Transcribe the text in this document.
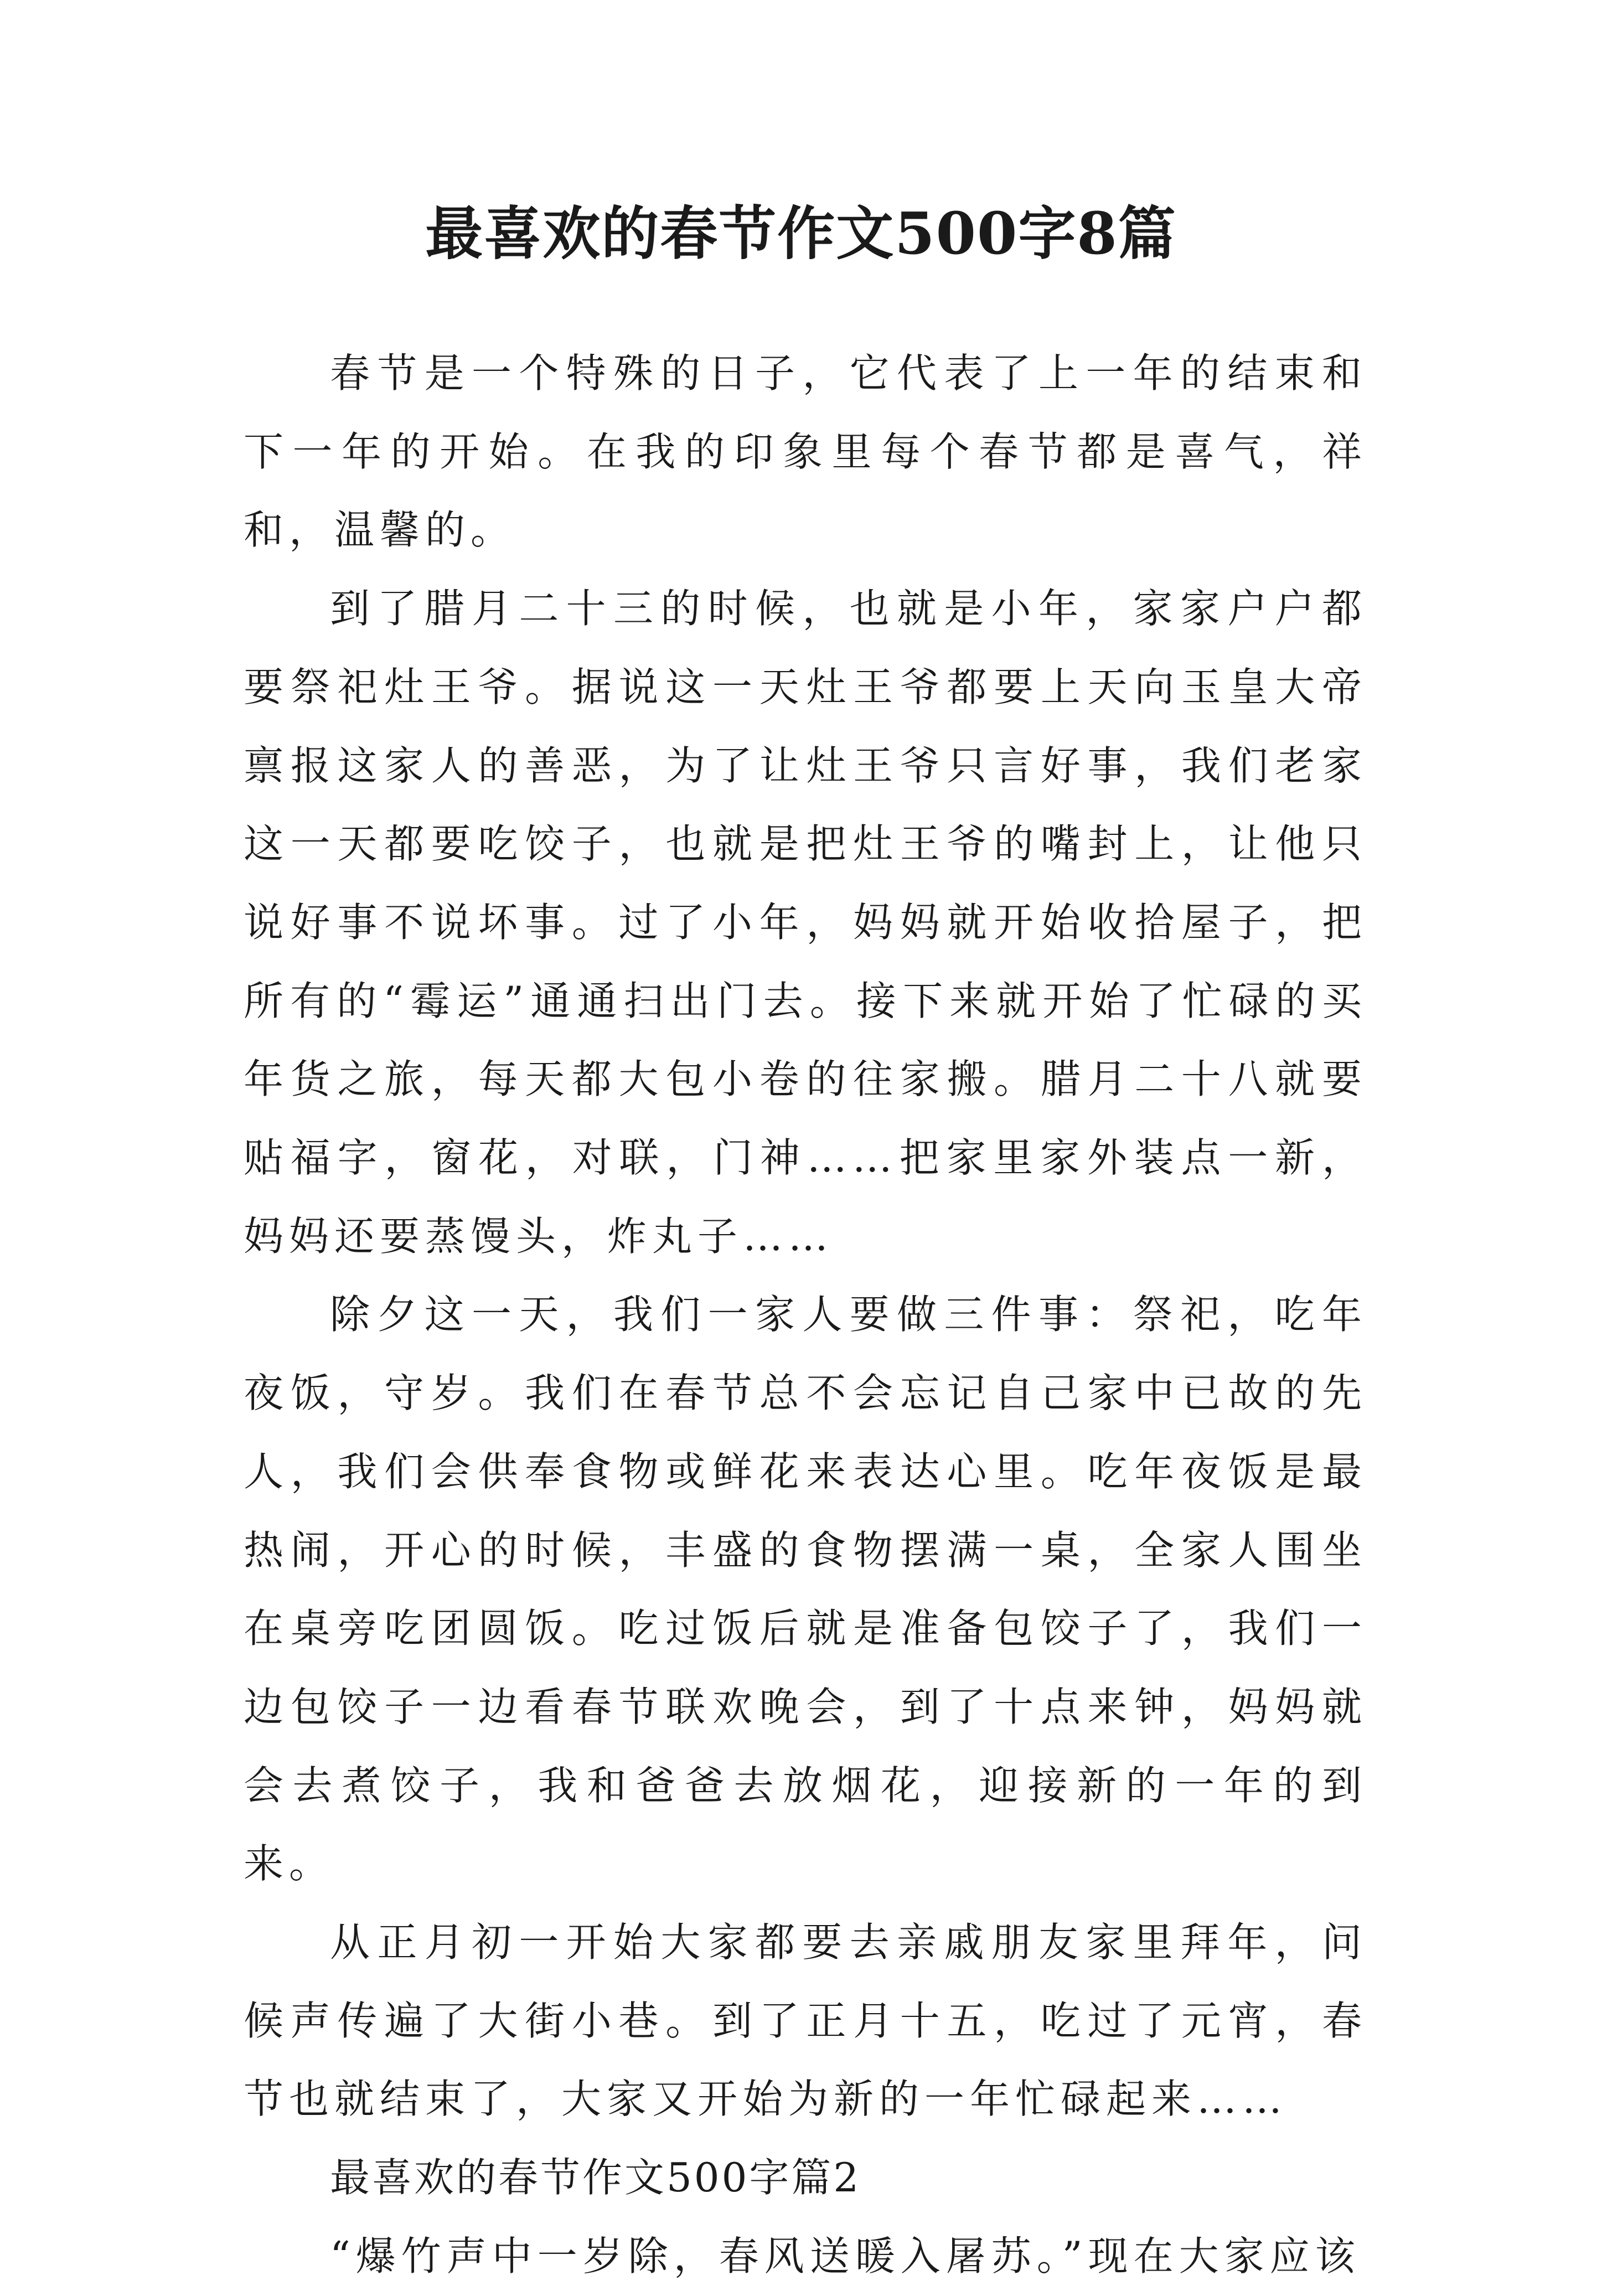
最喜欢的春节作文500字8篇

春节是一个特殊的日子，它代表了上一年的结束和下一年的开始。在我的印象里每个春节都是喜气，祥和，温馨的。

到了腊月二十三的时候，也就是小年，家家户户都要祭祀灶王爷。据说这一天灶王爷都要上天向玉皇大帝禀报这家人的善恶，为了让灶王爷只言好事，我们老家这一天都要吃饺子，也就是把灶王爷的嘴封上，让他只说好事不说坏事。过了小年，妈妈就开始收拾屋子，把所有的“霉运”通通扫出门去。接下来就开始了忙碌的买年货之旅，每天都大包小卷的往家搬。腊月二十八就要贴福字，窗花，对联，门神……把家里家外装点一新，妈妈还要蒸馒头，炸丸子……

除夕这一天，我们一家人要做三件事：祭祀，吃年夜饭，守岁。我们在春节总不会忘记自己家中已故的先人，我们会供奉食物或鲜花来表达心里。吃年夜饭是最热闹，开心的时候，丰盛的食物摆满一桌，全家人围坐在桌旁吃团圆饭。吃过饭后就是准备包饺子了，我们一边包饺子一边看春节联欢晚会，到了十点来钟，妈妈就会去煮饺子，我和爸爸去放烟花，迎接新的一年的到来。

从正月初一开始大家都要去亲戚朋友家里拜年，问候声传遍了大街小巷。到了正月十五，吃过了元宵，春节也就结束了，大家又开始为新的一年忙碌起来……

最喜欢的春节作文500字篇2

“爆竹声中一岁除，春风送暖入屠苏。”现在大家应该
